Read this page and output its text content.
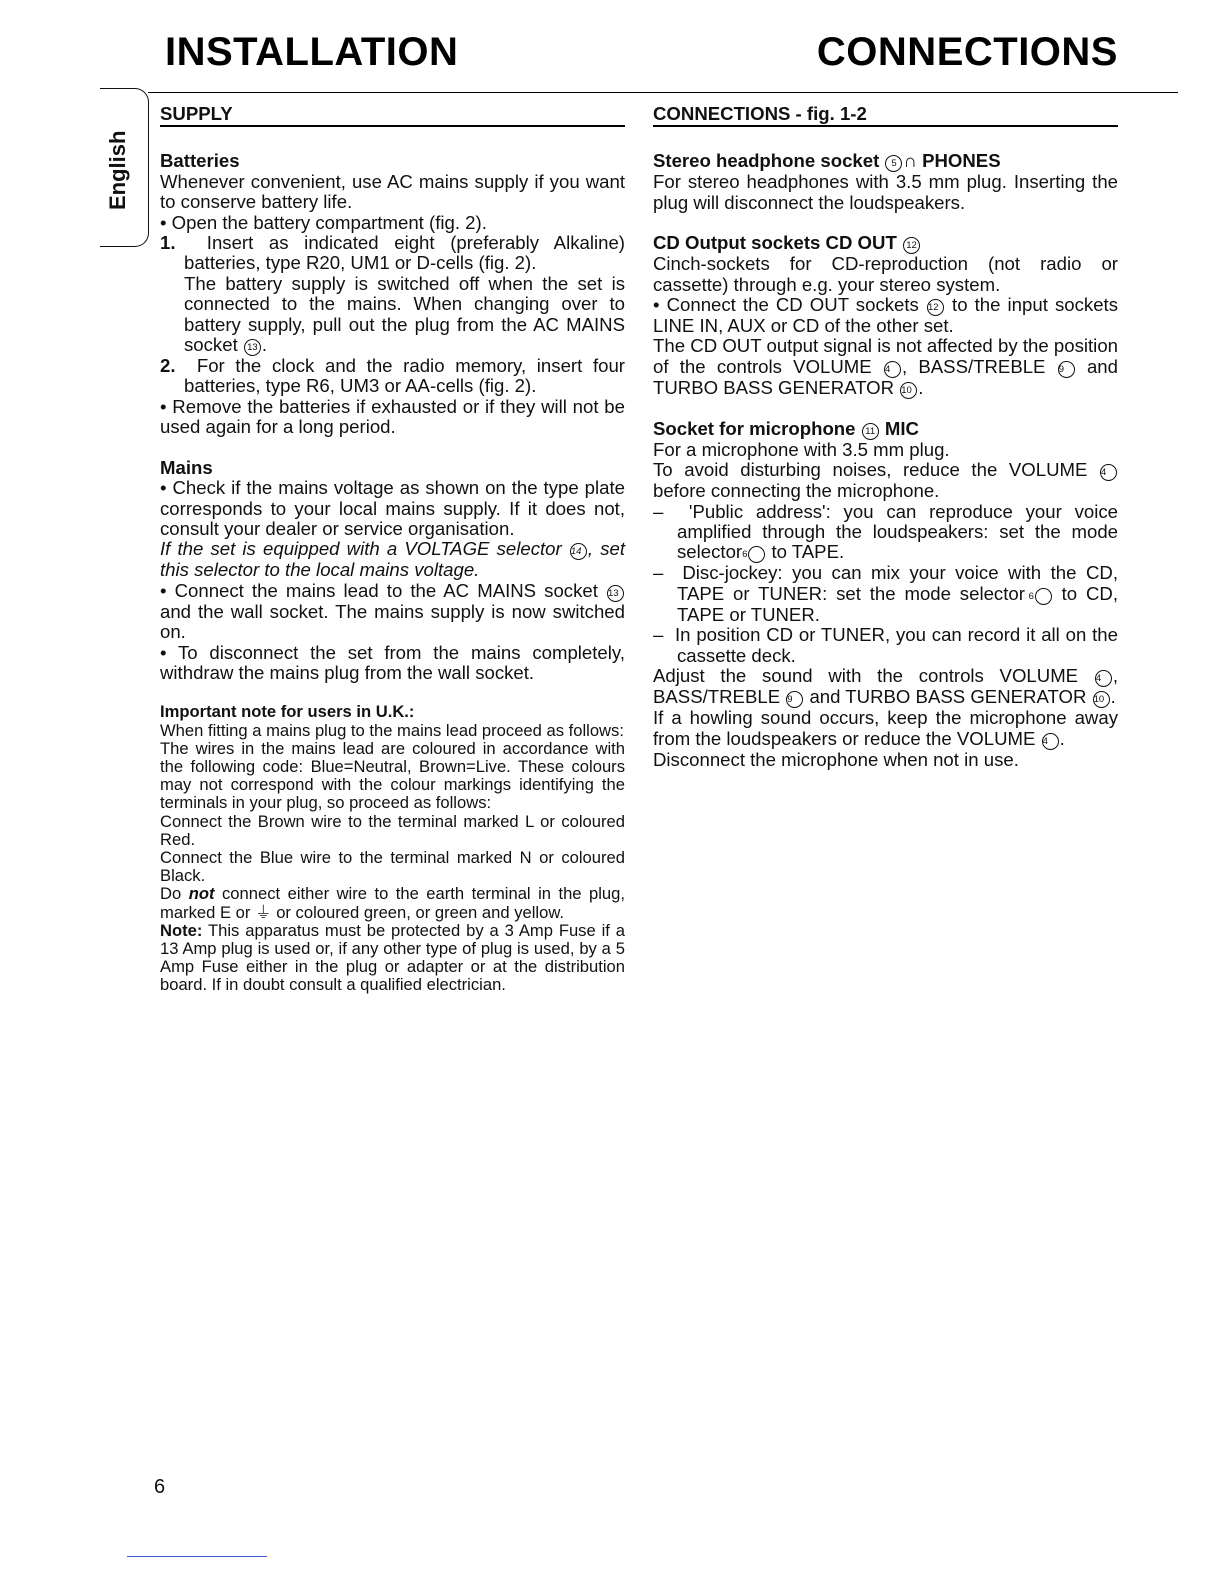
INSTALLATION	CONNECTIONS
English
SUPPLY
Batteries
Whenever convenient, use AC mains supply if you want to conserve battery life.
• Open the battery compartment (fig. 2).
1. Insert as indicated eight (preferably Alkaline) batteries, type R20, UM1 or D-cells (fig. 2).
The battery supply is switched off when the set is connected to the mains. When changing over to battery supply, pull out the plug from the AC MAINS socket 13 .
2. For the clock and the radio memory, insert four batteries, type R6, UM3 or AA-cells (fig. 2).
• Remove the batteries if exhausted or if they will not be used again for a long period.
Mains
• Check if the mains voltage as shown on the type plate corresponds to your local mains supply. If it does not, consult your dealer or service organisation.
If the set is equipped with a VOLTAGE selector 14 , set this selector to the local mains voltage.
• Connect the mains lead to the AC MAINS socket 13 and the wall socket. The mains supply is now switched on.
• To disconnect the set from the mains completely, withdraw the mains plug from the wall socket.
Important note for users in U.K.:
When fitting a mains plug to the mains lead proceed as follows:
The wires in the mains lead are coloured in accordance with the following code: Blue=Neutral, Brown=Live. These colours may not correspond with the colour markings identifying the terminals in your plug, so proceed as follows:
Connect the Brown wire to the terminal marked L or coloured Red.
Connect the Blue wire to the terminal marked N or coloured Black.
Do not connect either wire to the earth terminal in the plug, marked E or ⏚ or coloured green, or green and yellow.
Note: This apparatus must be protected by a 3 Amp Fuse if a 13 Amp plug is used or, if any other type of plug is used, by a 5 Amp Fuse either in the plug or adapter or at the distribution board. If in doubt consult a qualified electrician.
CONNECTIONS - fig. 1-2
Stereo headphone socket 5 ∩ PHONES
For stereo headphones with 3.5 mm plug. Inserting the plug will disconnect the loudspeakers.
CD Output sockets CD OUT 12
Cinch-sockets for CD-reproduction (not radio or cassette) through e.g. your stereo system.
• Connect the CD OUT sockets 12 to the input sockets LINE IN, AUX or CD of the other set.
The CD OUT output signal is not affected by the position of the controls VOLUME 4 , BASS/TREBLE 9 and TURBO BASS GENERATOR 10 .
Socket for microphone 11 MIC
For a microphone with 3.5 mm plug.
To avoid disturbing noises, reduce the VOLUME 4 before connecting the microphone.
–  'Public address': you can reproduce your voice amplified through the loudspeakers: set the mode selector 6 to TAPE.
–  Disc-jockey: you can mix your voice with the CD, TAPE or TUNER: set the mode selector 6 to CD, TAPE or TUNER.
–  In position CD or TUNER, you can record it all on the cassette deck.
Adjust the sound with the controls VOLUME 4 , BASS/TREBLE 9 and TURBO BASS GENERATOR 10 .
If a howling sound occurs, keep the microphone away from the loudspeakers or reduce the VOLUME 4 .
Disconnect the microphone when not in use.
6
